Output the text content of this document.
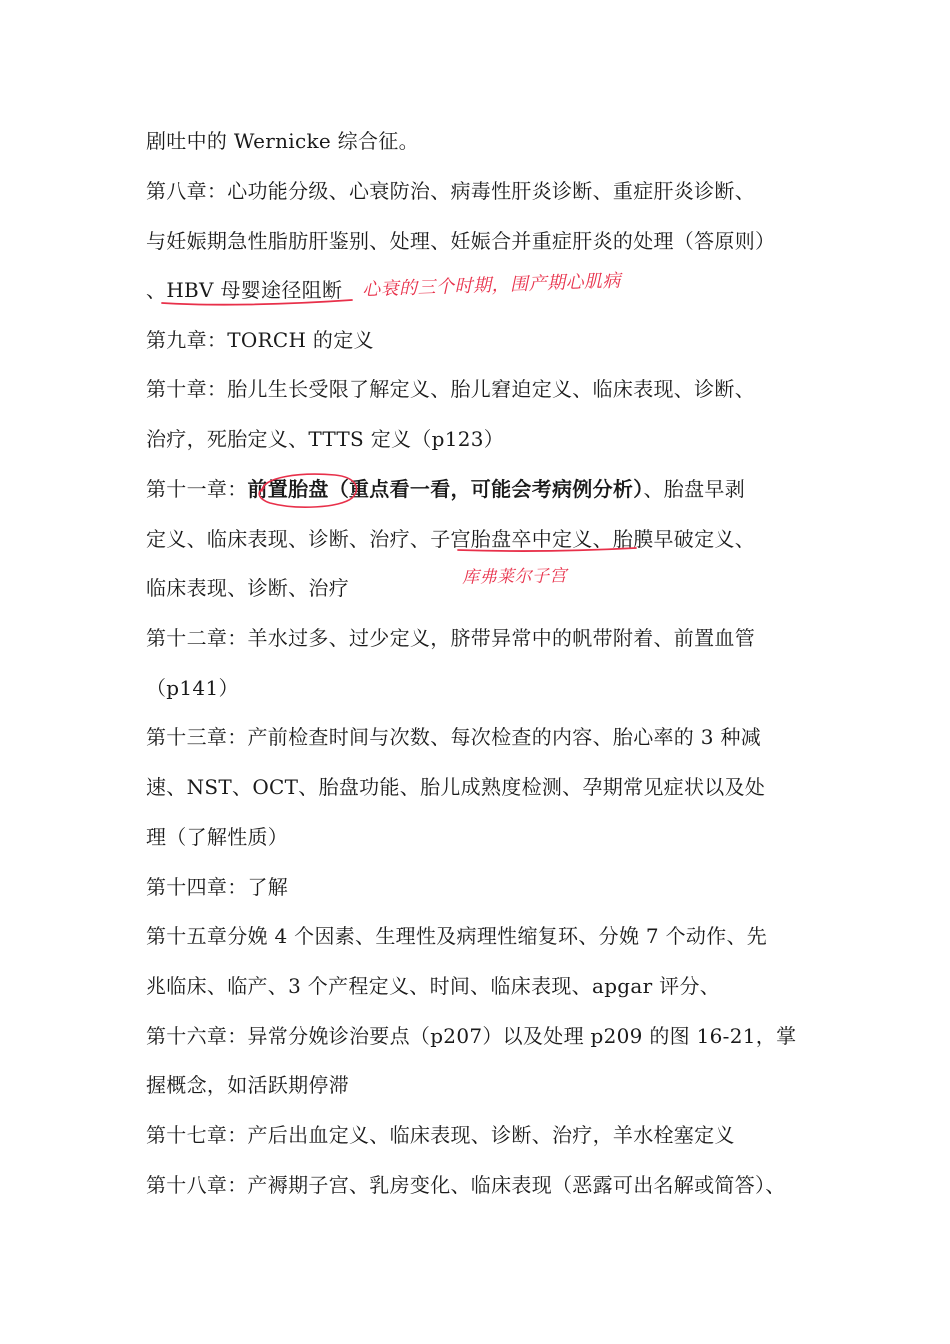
剧吐中的 Wernicke 综合征。
第八章：心功能分级、心衰防治、病毒性肝炎诊断、重症肝炎诊断、
与妊娠期急性脂肪肝鉴别、处理、妊娠合并重症肝炎的处理（答原则）
、HBV 母婴途径阻断
第九章：TORCH 的定义
第十章：胎儿生长受限了解定义、胎儿窘迫定义、临床表现、诊断、
治疗，死胎定义、TTTS 定义（p123）
第十一章：前置胎盘（重点看一看，可能会考病例分析）、胎盘早剥
定义、临床表现、诊断、治疗、子宫胎盘卒中定义、胎膜早破定义、
临床表现、诊断、治疗
第十二章：羊水过多、过少定义，脐带异常中的帆带附着、前置血管
（p141）
第十三章：产前检查时间与次数、每次检查的内容、胎心率的 3 种减
速、NST、OCT、胎盘功能、胎儿成熟度检测、孕期常见症状以及处
理（了解性质）
第十四章：了解
第十五章分娩 4 个因素、生理性及病理性缩复环、分娩 7 个动作、先
兆临床、临产、3 个产程定义、时间、临床表现、apgar 评分、
第十六章：异常分娩诊治要点（p207）以及处理 p209 的图 16-21，掌
握概念，如活跃期停滞
第十七章：产后出血定义、临床表现、诊断、治疗，羊水栓塞定义
第十八章：产褥期子宫、乳房变化、临床表现（恶露可出名解或简答）、
心衰的三个时期，围产期心肌病
库弗莱尔子宫
